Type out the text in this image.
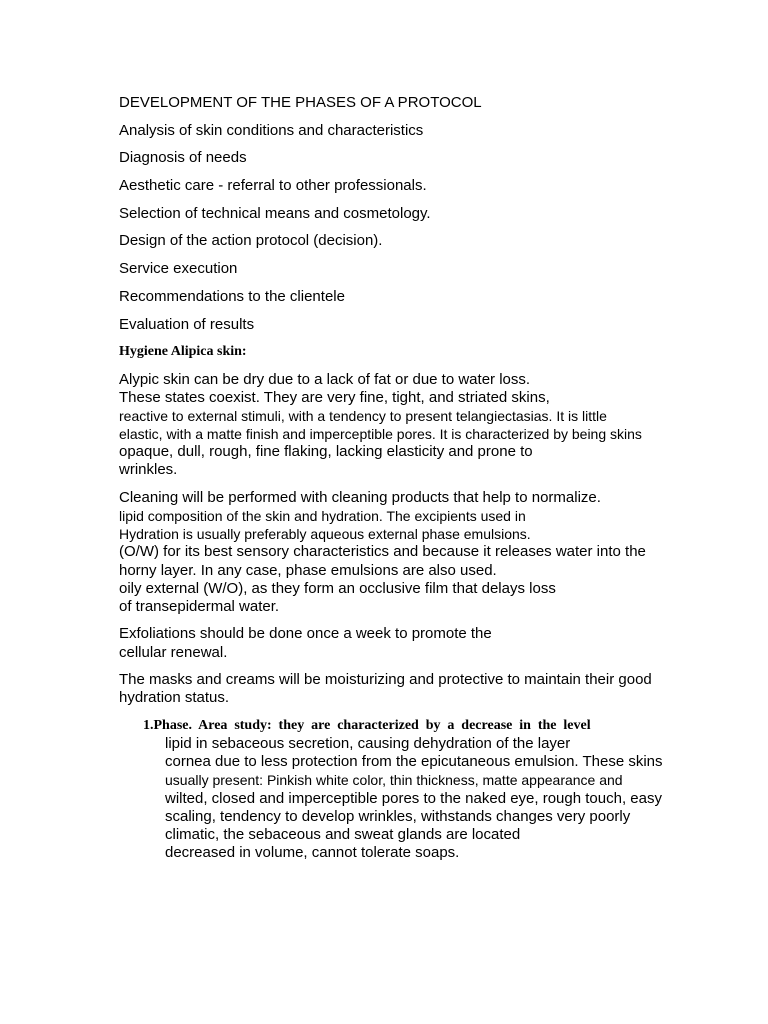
DEVELOPMENT OF THE PHASES OF A PROTOCOL
Analysis of skin conditions and characteristics
Diagnosis of needs
Aesthetic care - referral to other professionals.
Selection of technical means and cosmetology.
Design of the action protocol (decision).
Service execution
Recommendations to the clientele
Evaluation of results
Hygiene Alipica skin:
Alypic skin can be dry due to a lack of fat or due to water loss.
These states coexist. They are very fine, tight, and striated skins,
reactive to external stimuli, with a tendency to present telangiectasias. It is little
elastic, with a matte finish and imperceptible pores. It is characterized by being skins
opaque, dull, rough, fine flaking, lacking elasticity and prone to
wrinkles.
Cleaning will be performed with cleaning products that help to normalize.
lipid composition of the skin and hydration. The excipients used in
Hydration is usually preferably aqueous external phase emulsions.
(O/W) for its best sensory characteristics and because it releases water into the
horny layer. In any case, phase emulsions are also used.
oily external (W/O), as they form an occlusive film that delays loss
of transepidermal water.
Exfoliations should be done once a week to promote the
cellular renewal.
The masks and creams will be moisturizing and protective to maintain their good
hydration status.
1.Phase. Area study: they are characterized by a decrease in the level
lipid in sebaceous secretion, causing dehydration of the layer
cornea due to less protection from the epicutaneous emulsion. These skins
usually present: Pinkish white color, thin thickness, matte appearance and
wilted, closed and imperceptible pores to the naked eye, rough touch, easy
scaling, tendency to develop wrinkles, withstands changes very poorly
climatic, the sebaceous and sweat glands are located
decreased in volume, cannot tolerate soaps.
